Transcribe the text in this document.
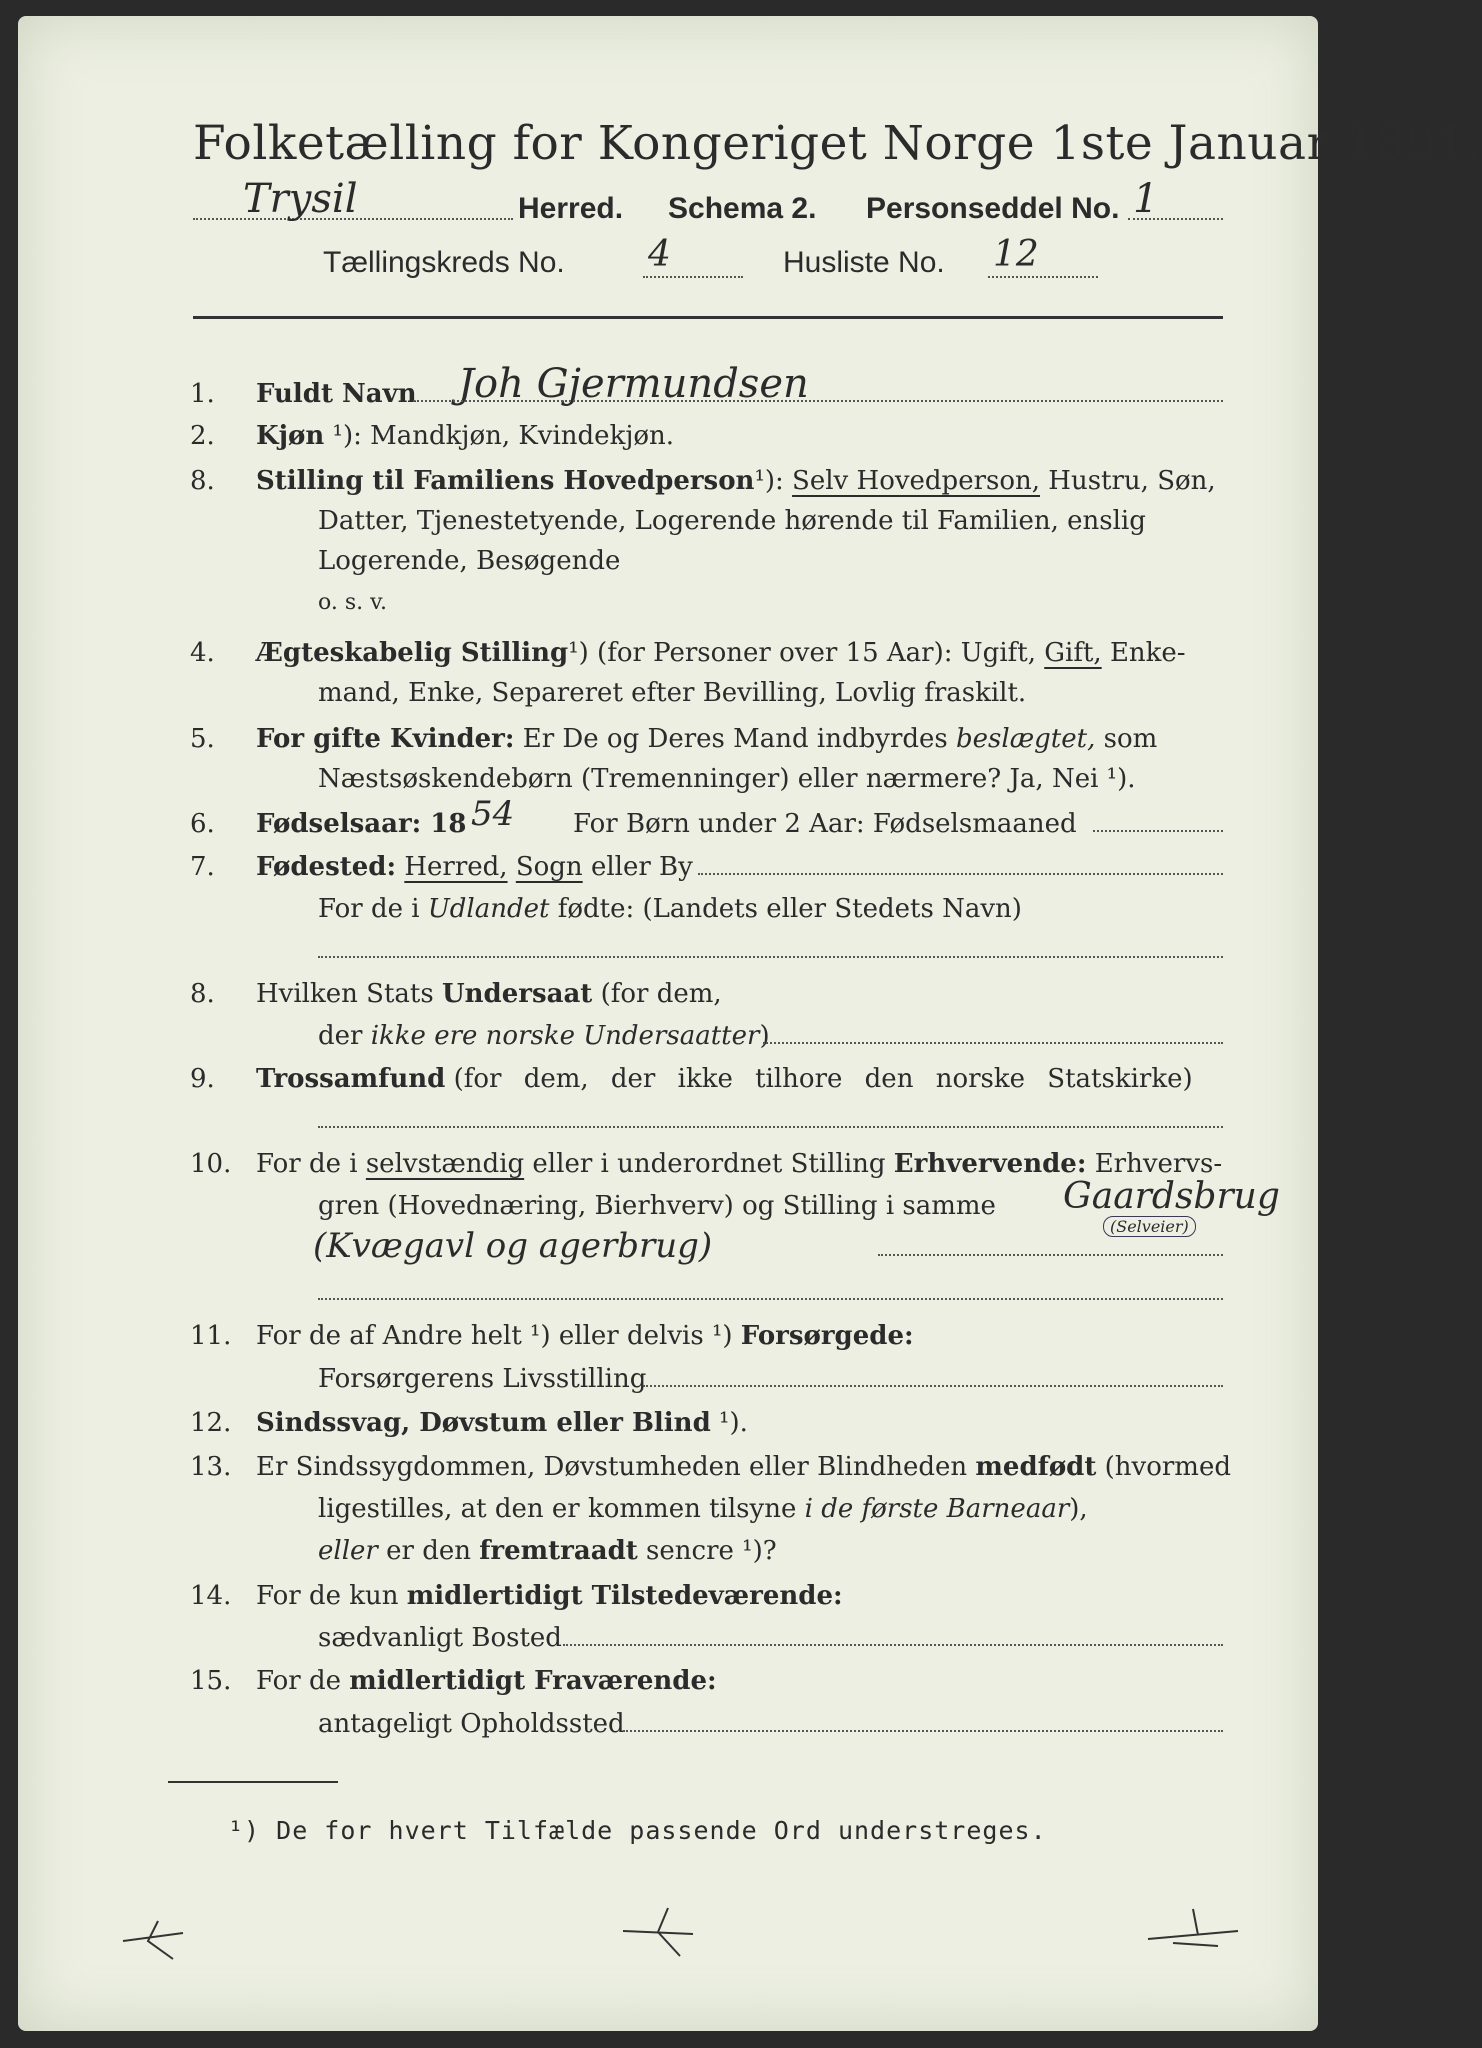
Folketælling for Kongeriget Norge 1ste Januar 1891.
Trysil	Herred. Schema 2. Personseddel No. 1
Tællingskreds No. 4	Husliste No. 12
1. Fuldt Navn Joh Gjermundsen
2. Kjøn ¹): Mandkjøn, Kvindekjøn.
8. Stilling til Familiens Hovedperson¹): Selv Hovedperson, Hustru, Søn,
Datter, Tjenestetyende, Logerende hørende til Familien, enslig
Logerende, Besøgende
o. s. v.
4. Ægteskabelig Stilling¹) (for Personer over 15 Aar): Ugift, Gift, Enke-
mand, Enke, Separeret efter Bevilling, Lovlig fraskilt.
5. For gifte Kvinder: Er De og Deres Mand indbyrdes beslægtet, som
Næstsøskendebørn (Tremenninger) eller nærmere? Ja, Nei ¹).
6. Fødselsaar: 18 54 For Børn under 2 Aar: Fødselsmaaned
7. Fødested: Herred, Sogn eller By
For de i Udlandet fødte: (Landets eller Stedets Navn)
8. Hvilken Stats Undersaat (for dem,
der ikke ere norske Undersaatter)
9. Trossamfund (for dem, der ikke tilhore den norske Statskirke)
10. For de i selvstændig eller i underordnet Stilling Erhvervende: Erhvervs-
gren (Hovednæring, Bierhverv) og Stilling i samme Gaardsbrug
(Selveier)
(Kvægavl og agerbrug)
11. For de af Andre helt ¹) eller delvis ¹) Forsørgede:
Forsørgerens Livsstilling
12. Sindssvag, Døvstum eller Blind ¹).
13. Er Sindssygdommen, Døvstumheden eller Blindheden medfødt (hvormed
ligestilles, at den er kommen tilsyne i de første Barneaar),
eller er den fremtraadt sencre ¹)?
14. For de kun midlertidigt Tilstedeværende:
sædvanligt Bosted
15. For de midlertidigt Fraværende:
antageligt Opholdssted
¹) De for hvert Tilfælde passende Ord understreges.
